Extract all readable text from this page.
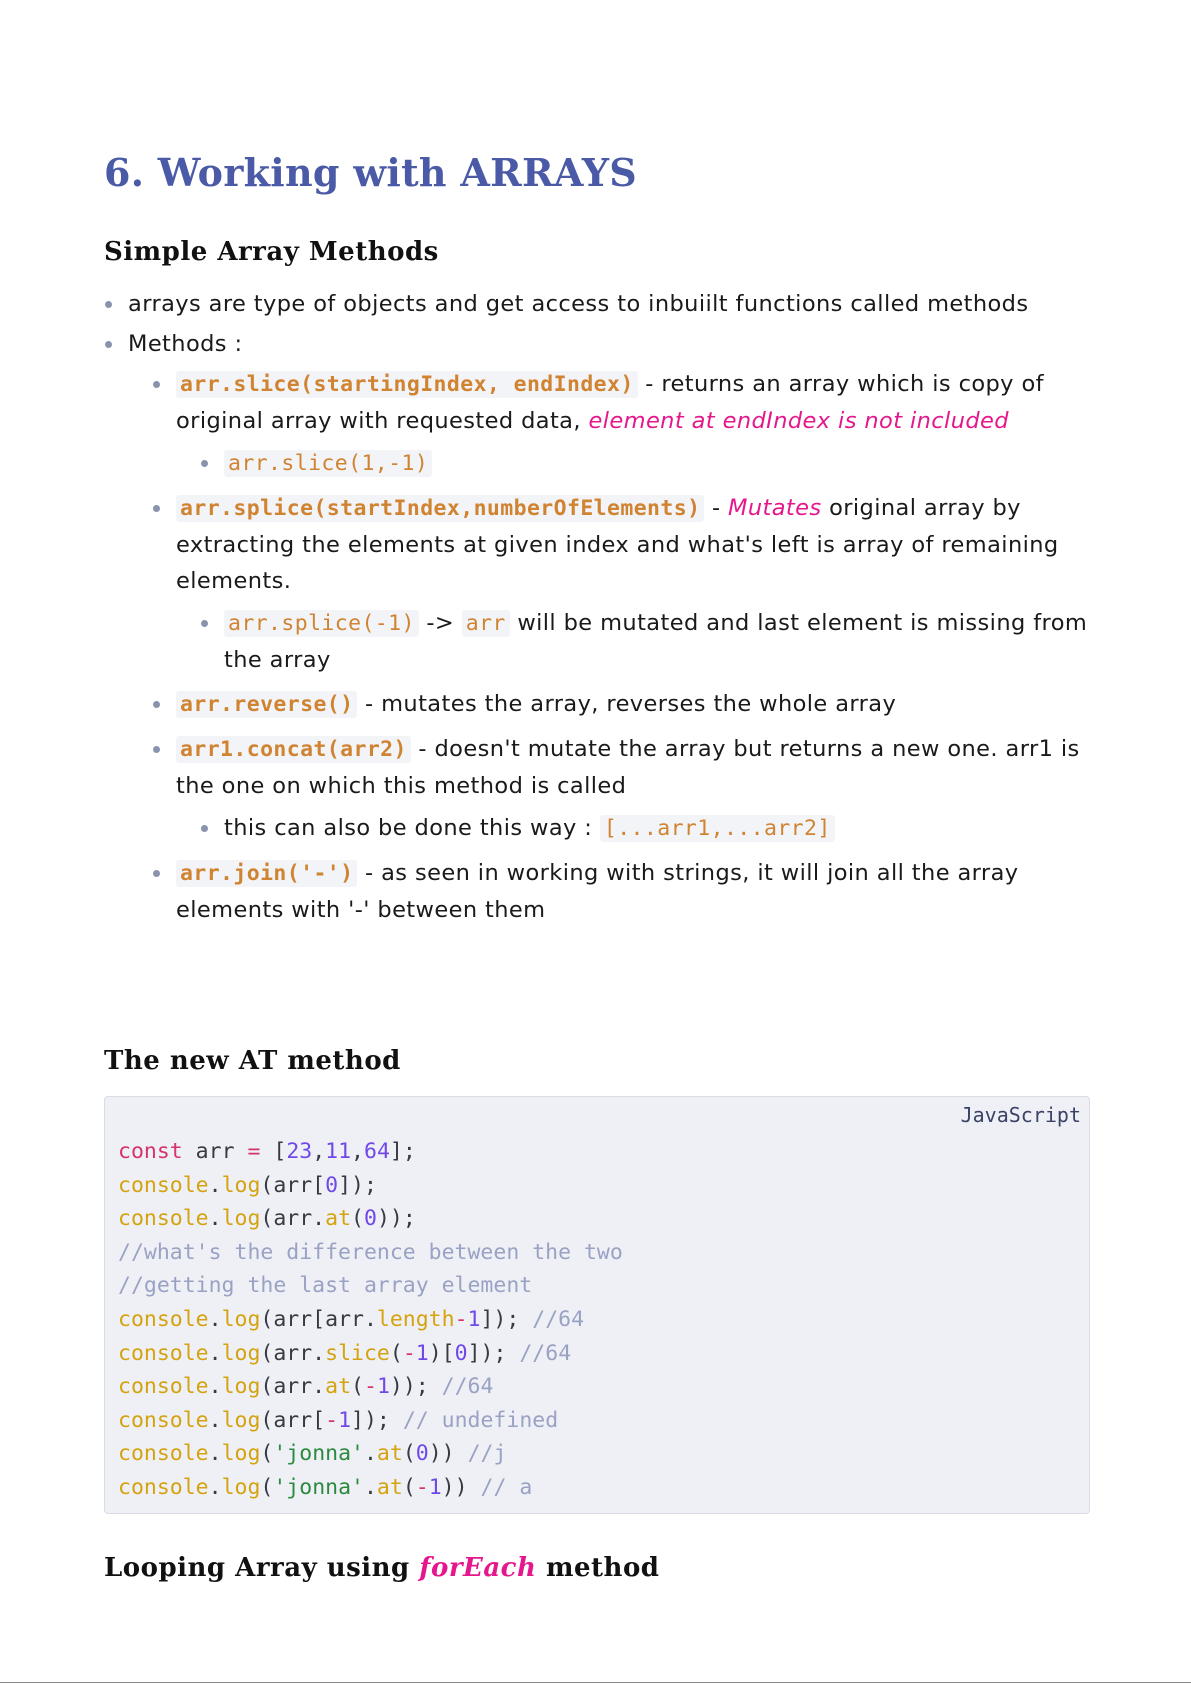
6. Working with ARRAYS
Simple Array Methods
arrays are type of objects and get access to inbuiilt functions called methods
Methods :
arr.slice(startingIndex, endIndex) - returns an array which is copy of original array with requested data, element at endIndex is not included
arr.slice(1,-1)
arr.splice(startIndex,numberOfElements) - Mutates original array by extracting the elements at given index and what's left is array of remaining elements.
arr.splice(-1) -> arr will be mutated and last element is missing from the array
arr.reverse() - mutates the array, reverses the whole array
arr1.concat(arr2) - doesn't mutate the array but returns a new one. arr1 is the one on which this method is called
this can also be done this way : [...arr1,...arr2]
arr.join('-') - as seen in working with strings, it will join all the array elements with '-' between them
The new AT method
JavaScript
const arr = [23,11,64];
console.log(arr[0]);
console.log(arr.at(0));
//what's the difference between the two
//getting the last array element
console.log(arr[arr.length-1]); //64
console.log(arr.slice(-1)[0]); //64
console.log(arr.at(-1)); //64
console.log(arr[-1]); // undefined
console.log('jonna'.at(0)) //j
console.log('jonna'.at(-1)) // a
Looping Array using forEach method
